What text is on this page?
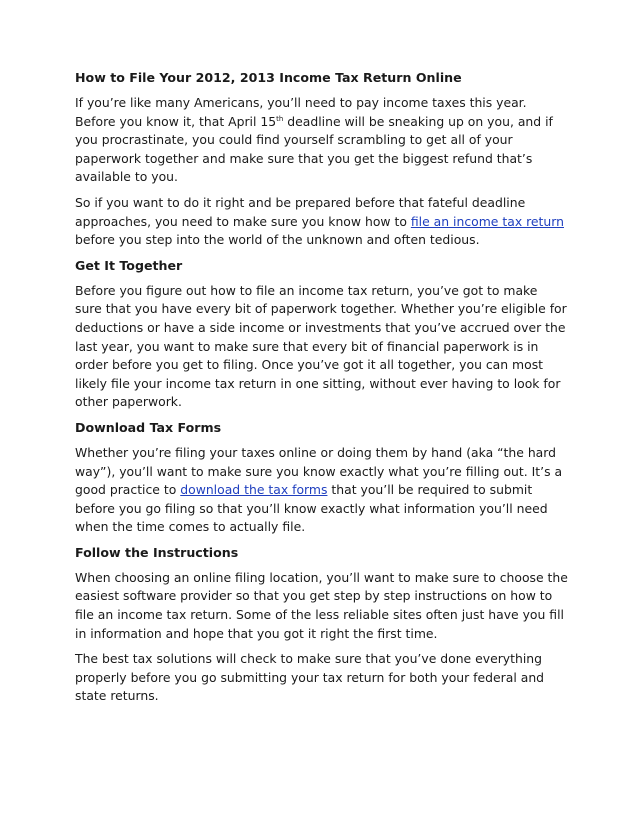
How to File Your 2012, 2013 Income Tax Return Online

If you’re like many Americans, you’ll need to pay income taxes this year. Before you know it, that April 15th deadline will be sneaking up on you, and if you procrastinate, you could find yourself scrambling to get all of your paperwork together and make sure that you get the biggest refund that’s available to you.

So if you want to do it right and be prepared before that fateful deadline approaches, you need to make sure you know how to file an income tax return before you step into the world of the unknown and often tedious.

Get It Together

Before you figure out how to file an income tax return, you’ve got to make sure that you have every bit of paperwork together. Whether you’re eligible for deductions or have a side income or investments that you’ve accrued over the last year, you want to make sure that every bit of financial paperwork is in order before you get to filing. Once you’ve got it all together, you can most likely file your income tax return in one sitting, without ever having to look for other paperwork.

Download Tax Forms

Whether you’re filing your taxes online or doing them by hand (aka “the hard way”), you’ll want to make sure you know exactly what you’re filling out. It’s a good practice to download the tax forms that you’ll be required to submit before you go filing so that you’ll know exactly what information you’ll need when the time comes to actually file.

Follow the Instructions

When choosing an online filing location, you’ll want to make sure to choose the easiest software provider so that you get step by step instructions on how to file an income tax return. Some of the less reliable sites often just have you fill in information and hope that you got it right the first time.

The best tax solutions will check to make sure that you’ve done everything properly before you go submitting your tax return for both your federal and state returns.
